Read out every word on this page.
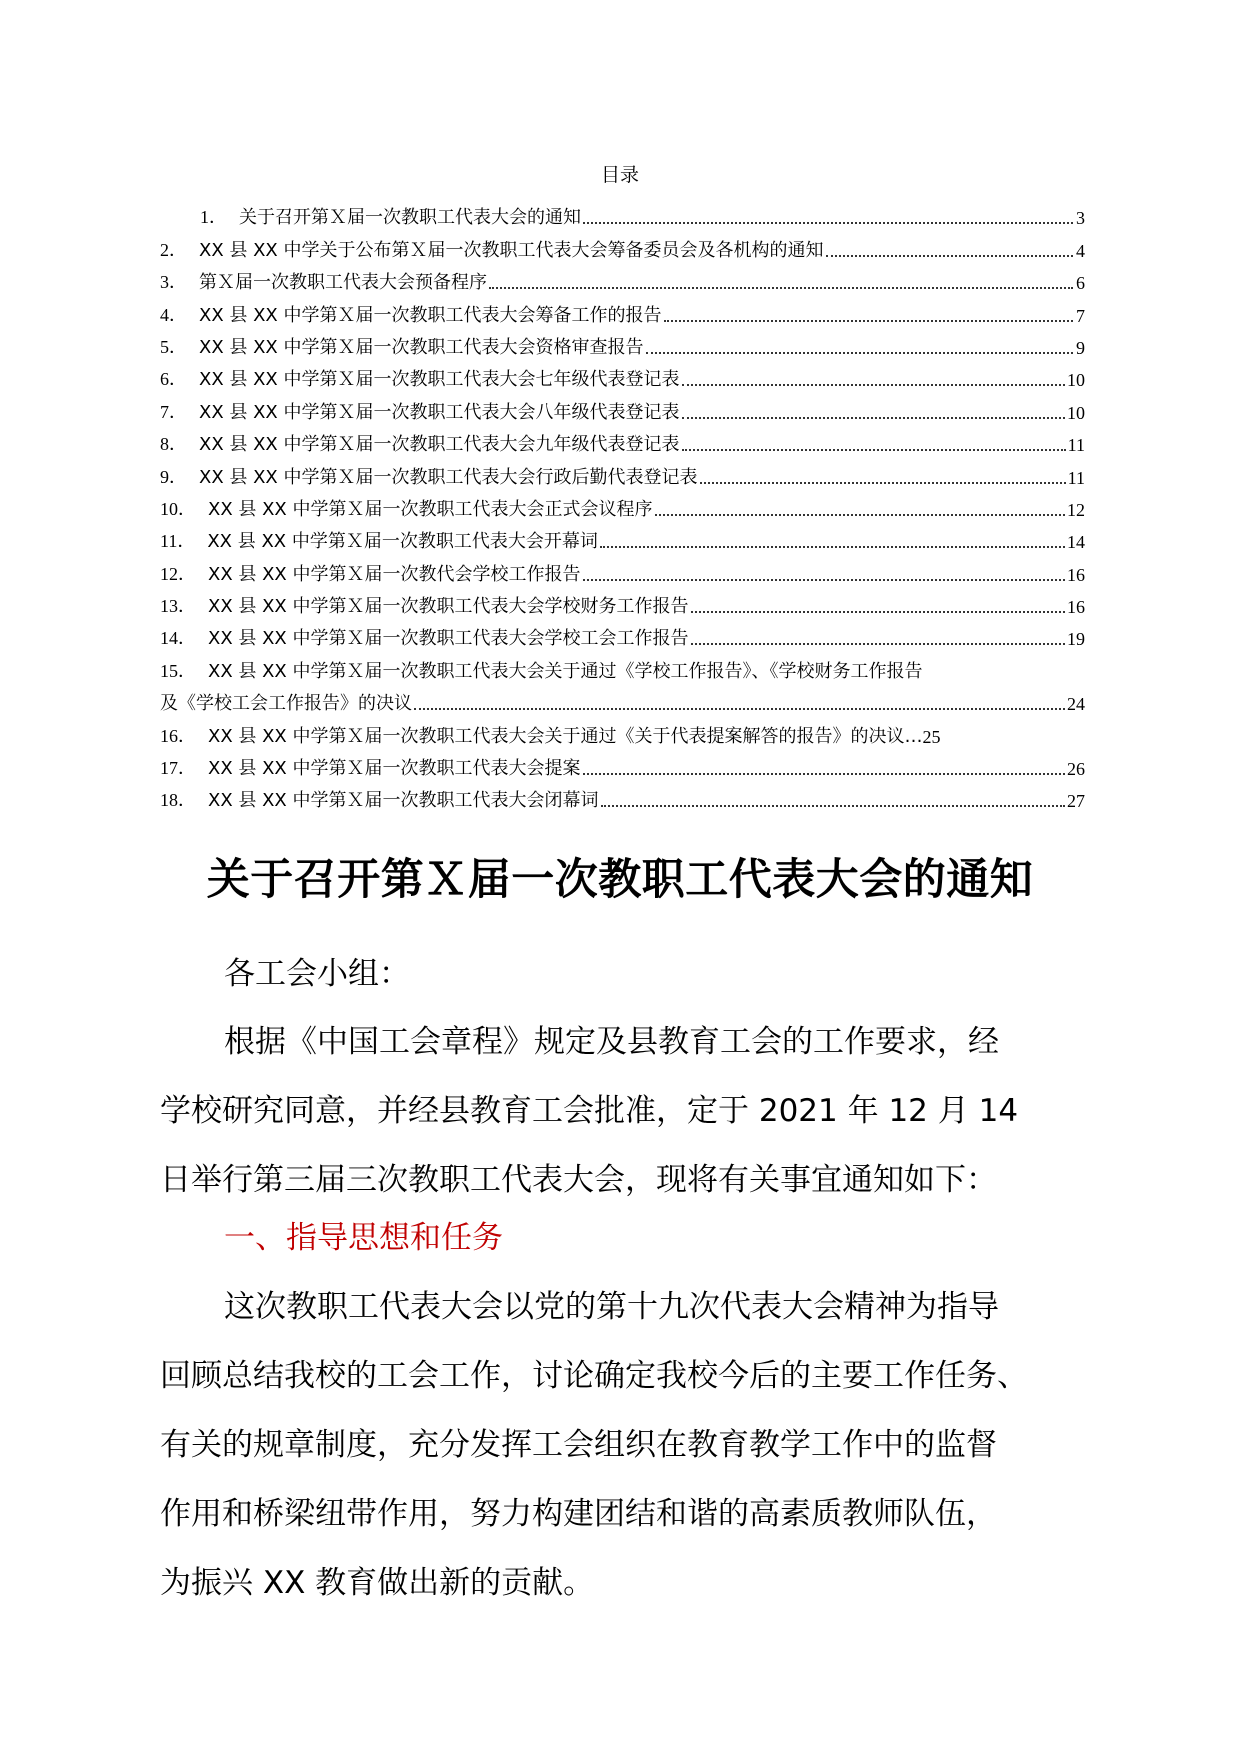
目录
1． 关于召开第Ｘ届一次教职工代表大会的通知	3
2． XX 县 XX 中学关于公布第Ｘ届一次教职工代表大会筹备委员会及各机构的通知	4
3． 第Ｘ届一次教职工代表大会预备程序	6
4． XX 县 XX 中学第Ｘ届一次教职工代表大会筹备工作的报告	7
5． XX 县 XX 中学第Ｘ届一次教职工代表大会资格审查报告	9
6． XX 县 XX 中学第Ｘ届一次教职工代表大会七年级代表登记表	10
7． XX 县 XX 中学第Ｘ届一次教职工代表大会八年级代表登记表	10
8． XX 县 XX 中学第Ｘ届一次教职工代表大会九年级代表登记表	11
9． XX 县 XX 中学第Ｘ届一次教职工代表大会行政后勤代表登记表	11
10． XX 县 XX 中学第Ｘ届一次教职工代表大会正式会议程序	12
11． XX 县 XX 中学第Ｘ届一次教职工代表大会开幕词	14
12． XX 县 XX 中学第Ｘ届一次教代会学校工作报告	16
13． XX 县 XX 中学第Ｘ届一次教职工代表大会学校财务工作报告	16
14． XX 县 XX 中学第Ｘ届一次教职工代表大会学校工会工作报告	19
15． XX 县 XX 中学第Ｘ届一次教职工代表大会关于通过《学校工作报告》、《学校财务工作报告
及《学校工会工作报告》的决议	24
16． XX 县 XX 中学第Ｘ届一次教职工代表大会关于通过《关于代表提案解答的报告》的决议… 25
17． XX 县 XX 中学第Ｘ届一次教职工代表大会提案	26
18． XX 县 XX 中学第Ｘ届一次教职工代表大会闭幕词	27
关于召开第Ｘ届一次教职工代表大会的通知

各工会小组：

根据《中国工会章程》规定及县教育工会的工作要求，经

学校研究同意，并经县教育工会批准，定于 2021 年 12 月 14

日举行第三届三次教职工代表大会，现将有关事宜通知如下：

一、指导思想和任务

这次教职工代表大会以党的第十九次代表大会精神为指导

回顾总结我校的工会工作，讨论确定我校今后的主要工作任务、

有关的规章制度，充分发挥工会组织在教育教学工作中的监督

作用和桥梁纽带作用，努力构建团结和谐的高素质教师队伍，

为振兴 XX 教育做出新的贡献。
